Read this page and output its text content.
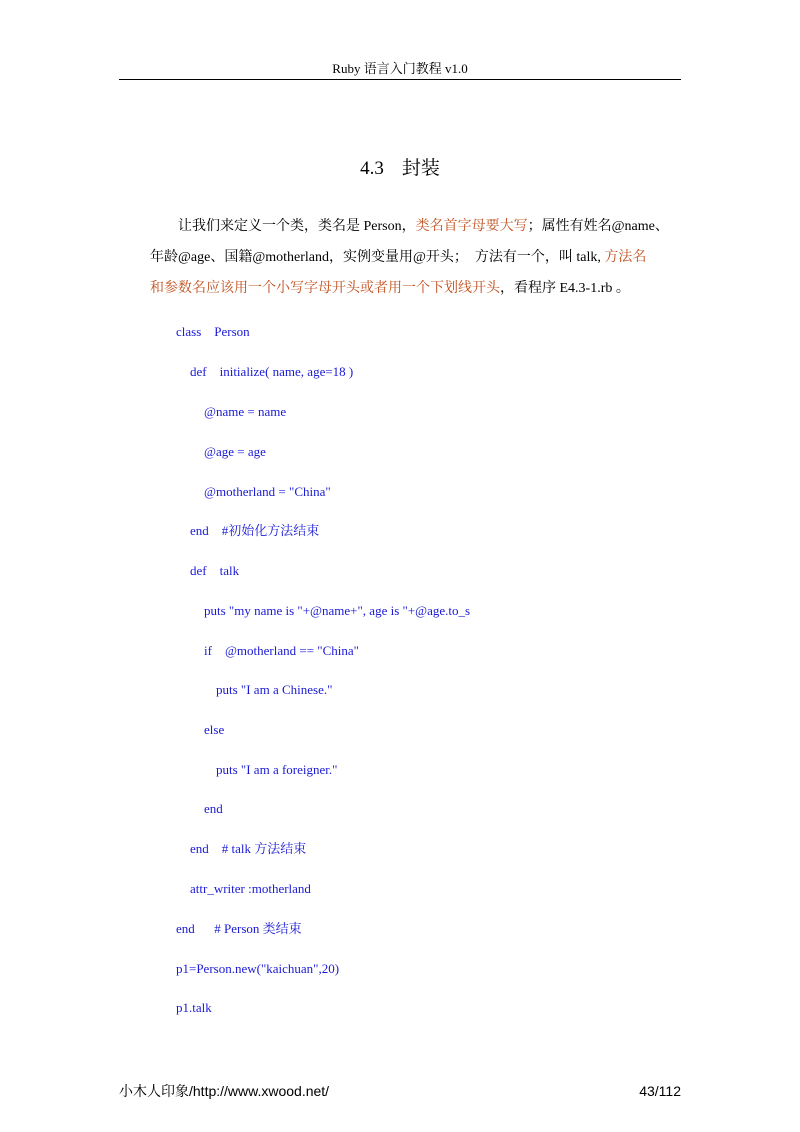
Ruby 语言入门教程 v1.0
4.3 封装
让我们来定义一个类，类名是 Person，类名首字母要大写；属性有姓名@name、
年龄@age、国籍@motherland，实例变量用@开头；　方法有一个，叫 talk, 方法名
和参数名应该用一个小写字母开头或者用一个下划线开头，看程序 E4.3-1.rb 。
class    Person
def    initialize( name, age=18 )
@name = name
@age = age
@motherland = "China"
end    #初始化方法结束
def    talk
puts "my name is "+@name+", age is "+@age.to_s
if    @motherland == "China"
puts "I am a Chinese."
else
puts "I am a foreigner."
end
end    # talk 方法结束
attr_writer :motherland
end      # Person 类结束
p1=Person.new("kaichuan",20)
p1.talk
小木人印象/http://www.xwood.net/	43/112
